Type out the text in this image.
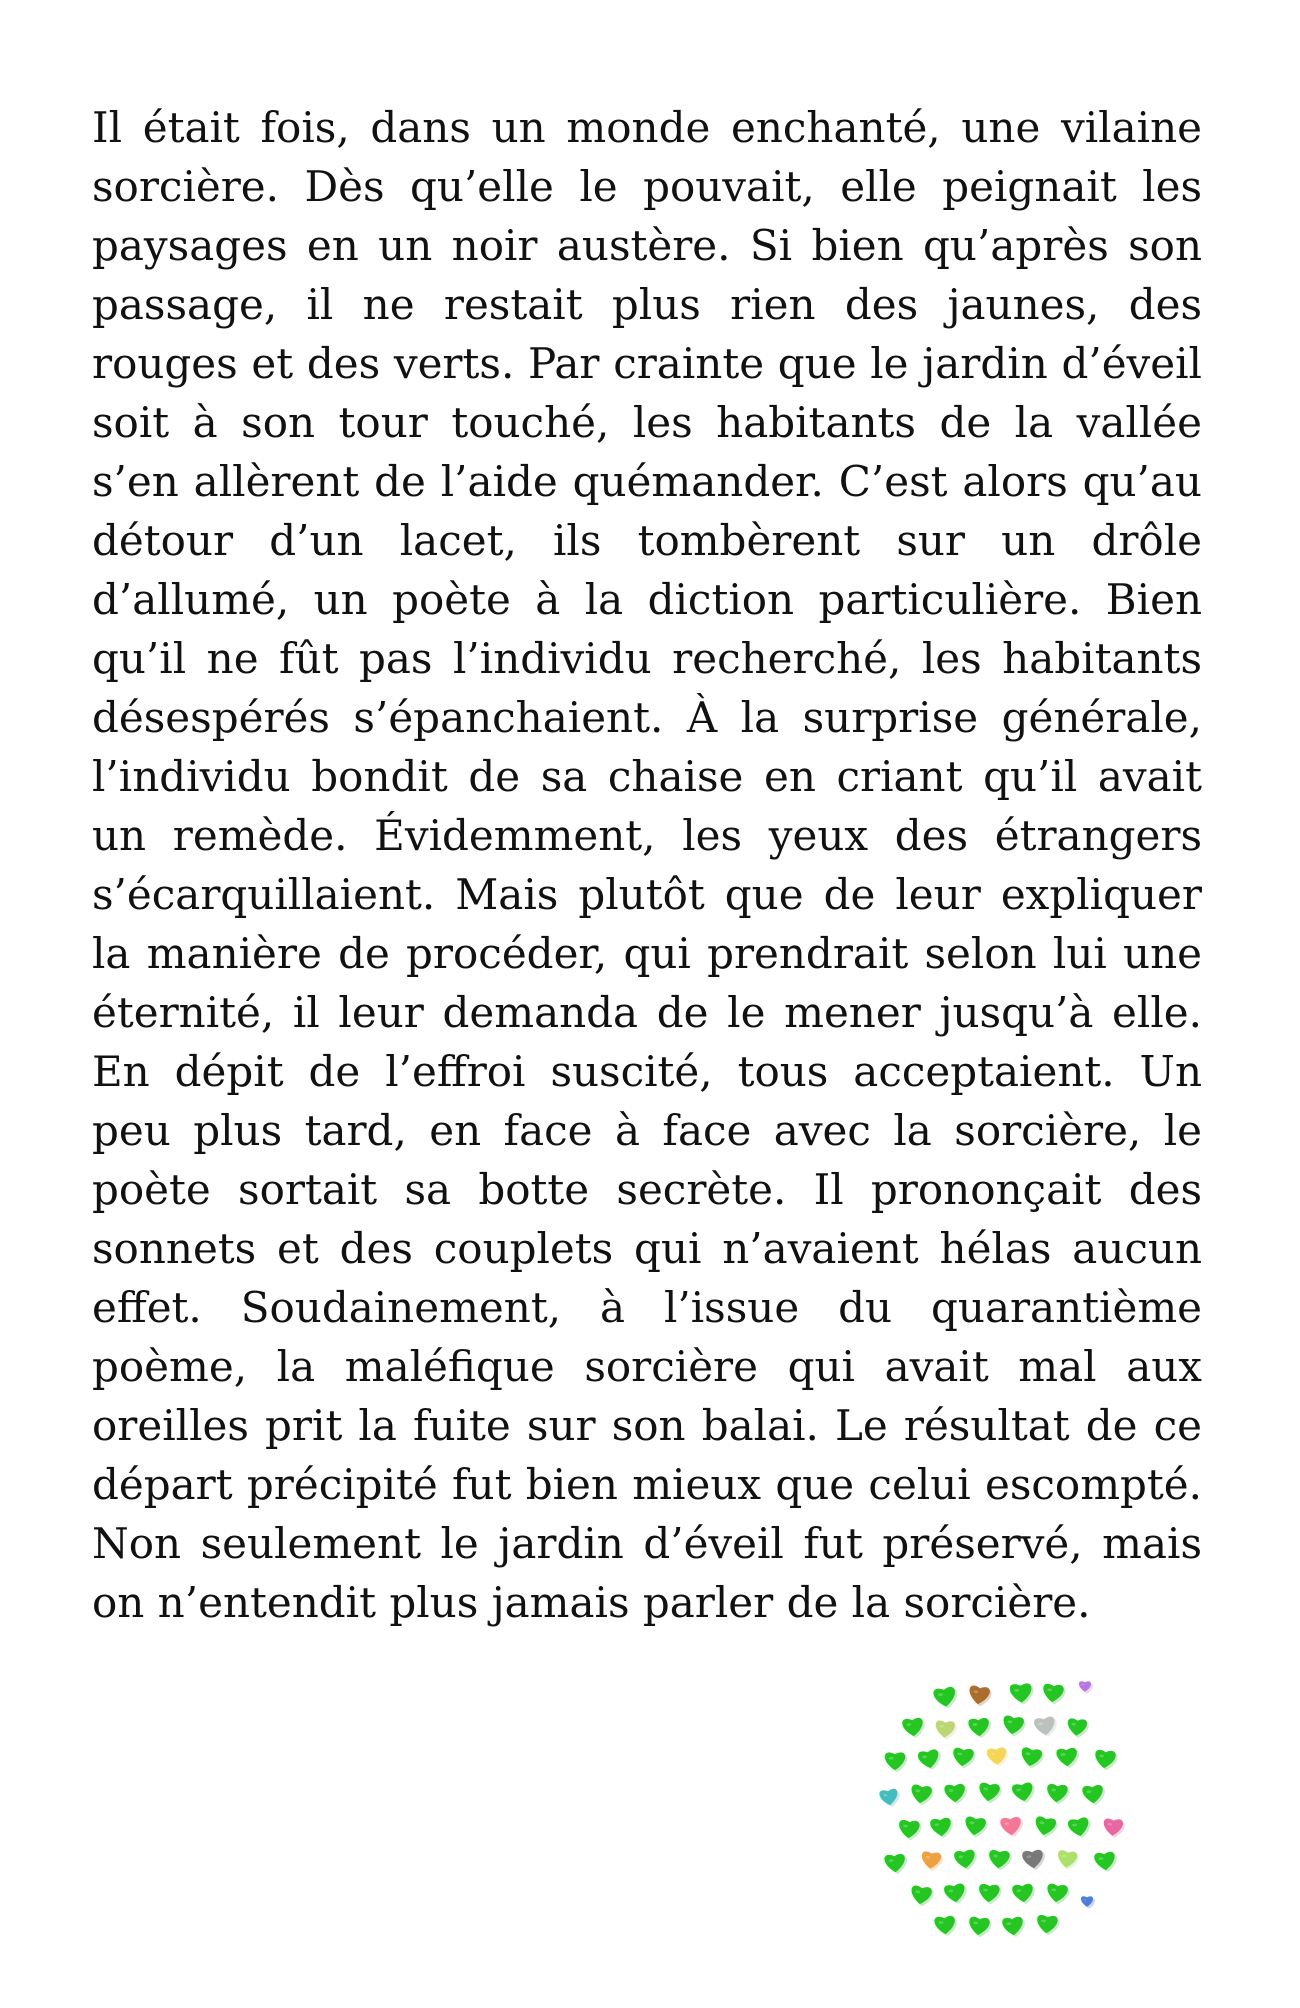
Il était fois, dans un monde enchanté, une vilaine sorcière. Dès qu’elle le pouvait, elle peignait les paysages en un noir austère. Si bien qu’après son passage, il ne restait plus rien des jaunes, des rouges et des verts. Par crainte que le jardin d’éveil soit à son tour touché, les habitants de la vallée s’en allèrent de l’aide quémander. C’est alors qu’au détour d’un lacet, ils tombèrent sur un drôle d’allumé, un poète à la diction particulière. Bien qu’il ne fût pas l’individu recherché, les habitants désespérés s’épanchaient. À la surprise générale, l’individu bondit de sa chaise en criant qu’il avait un remède. Évidemment, les yeux des étrangers s’écarquillaient. Mais plutôt que de leur expliquer la manière de procéder, qui prendrait selon lui une éternité, il leur demanda de le mener jusqu’à elle. En dépit de l’effroi suscité, tous acceptaient. Un peu plus tard, en face à face avec la sorcière, le poète sortait sa botte secrète. Il prononçait des sonnets et des couplets qui n’avaient hélas aucun effet. Soudainement, à l’issue du quarantième poème, la maléfique sorcière qui avait mal aux oreilles prit la fuite sur son balai. Le résultat de ce départ précipité fut bien mieux que celui escompté. Non seulement le jardin d’éveil fut préservé, mais on n’entendit plus jamais parler de la sorcière.
